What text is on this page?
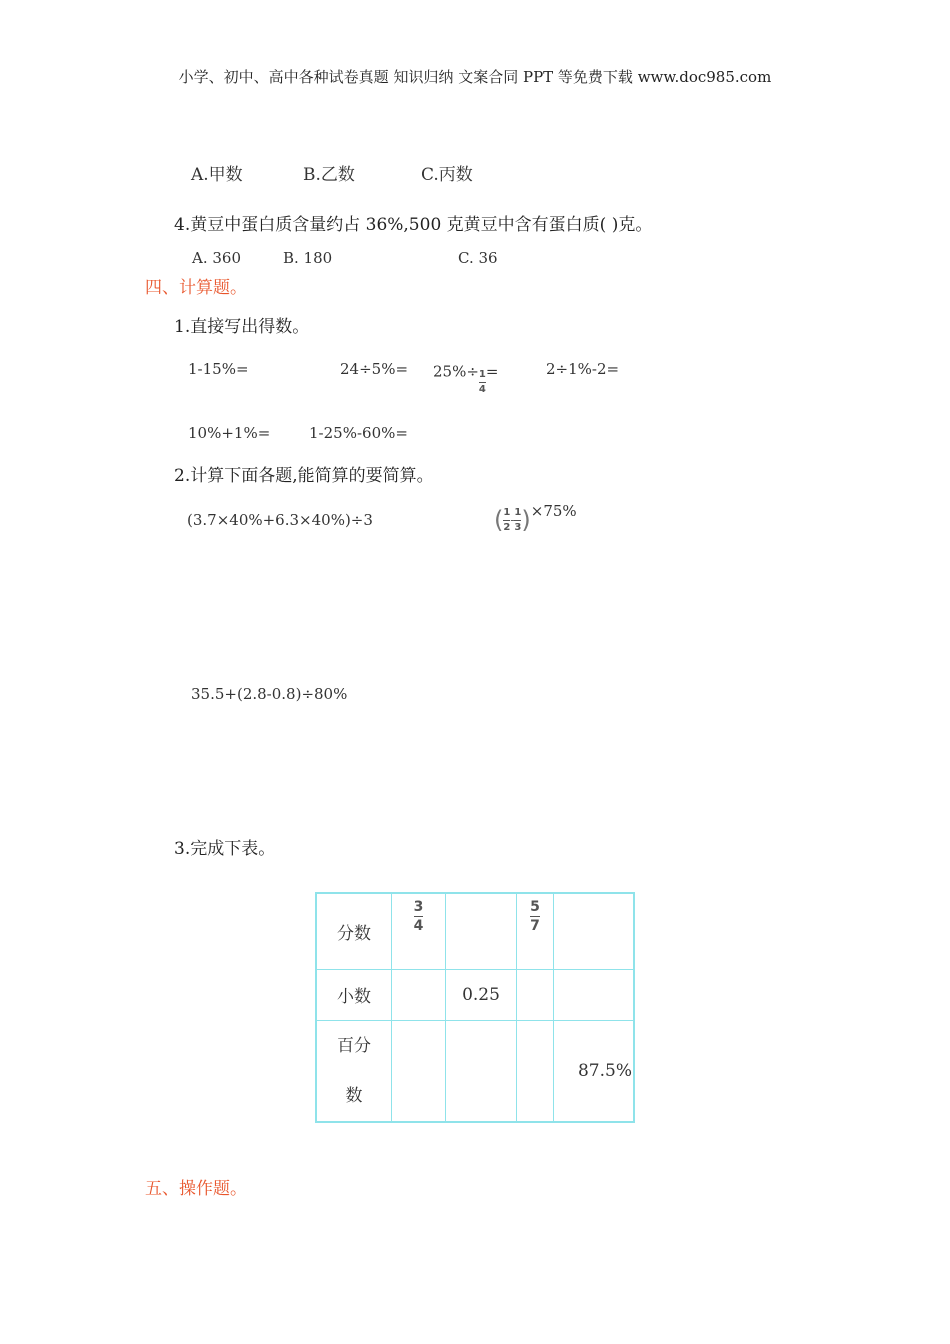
小学、初中、高中各种试卷真题 知识归纳 文案合同 PPT 等免费下载 www.doc985.com
A.甲数	B.乙数	C.丙数
4.黄豆中蛋白质含量约占 36%,500 克黄豆中含有蛋白质( )克。
A. 360	B. 180	C. 36
四、计算题。
1.直接写出得数。
1-15%=	$24\div 5\%= 25\%\div \frac{1}{4}$ =	2÷1%-2=
10%+1%=	1-25%-60%=
2.计算下面各题,能简算的要简算。
(3.7×40%+6.3×40%)÷3	( $\frac{1}{2} - \frac{1}{3} )\times 75\%$
35.5+(2.8-0.8)÷80%
3.完成下表。
分数	$\frac{3}{4}$		$\frac{5}{7}$

小数		0.25		

百分
数				87.5%
五、操作题。
